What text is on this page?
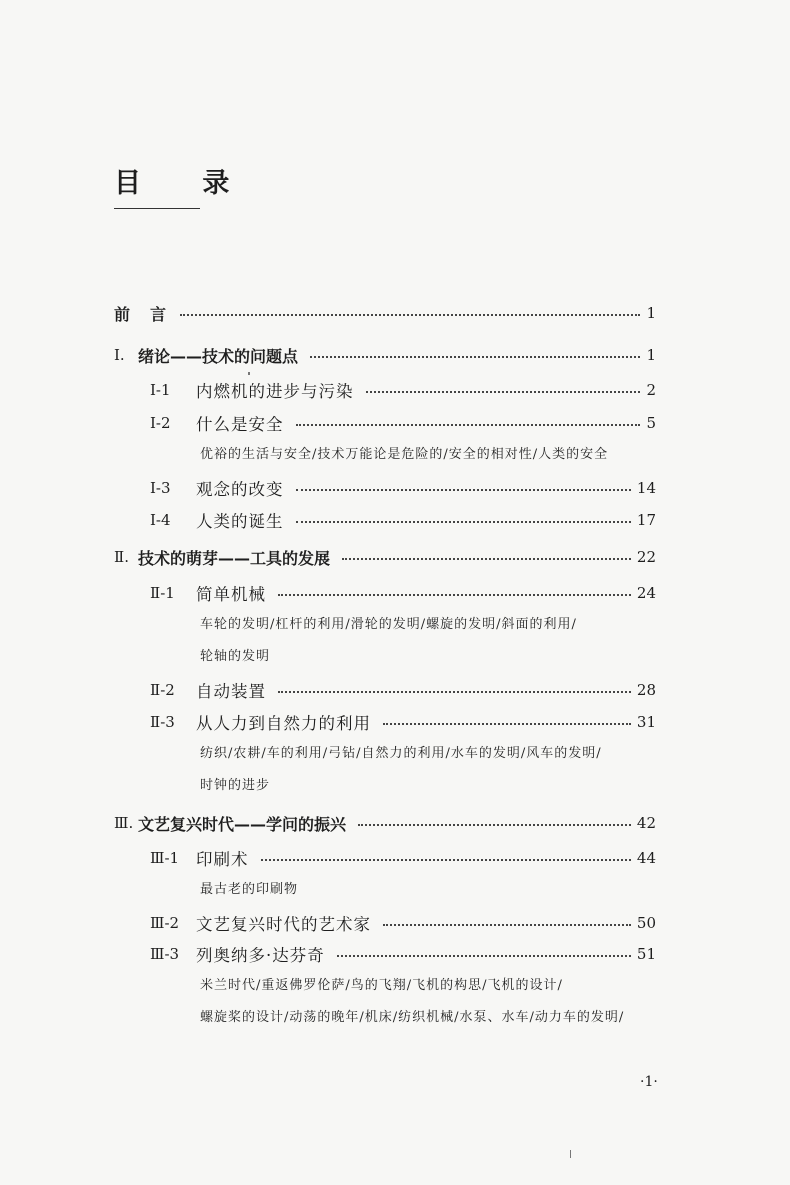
目 录
前　言	1
Ⅰ. 绪论——技术的问题点	1
Ⅰ-1	内燃机的进步与污染	2
Ⅰ-2	什么是安全	5
优裕的生活与安全/技术万能论是危险的/安全的相对性/人类的安全
Ⅰ-3	观念的改变	14
Ⅰ-4	人类的诞生	17
Ⅱ. 技术的萌芽——工具的发展	22
Ⅱ-1	简单机械	24
车轮的发明/杠杆的利用/滑轮的发明/螺旋的发明/斜面的利用/
轮轴的发明
Ⅱ-2	自动装置	28
Ⅱ-3	从人力到自然力的利用	31
纺织/农耕/车的利用/弓钻/自然力的利用/水车的发明/风车的发明/
时钟的进步
Ⅲ. 文艺复兴时代——学问的振兴	42
Ⅲ-1	印刷术	44
最古老的印刷物
Ⅲ-2	文艺复兴时代的艺术家	50
Ⅲ-3	列奥纳多·达芬奇	51
米兰时代/重返佛罗伦萨/鸟的飞翔/飞机的构思/飞机的设计/
螺旋桨的设计/动荡的晚年/机床/纺织机械/水泵、水车/动力车的发明/
·1·
